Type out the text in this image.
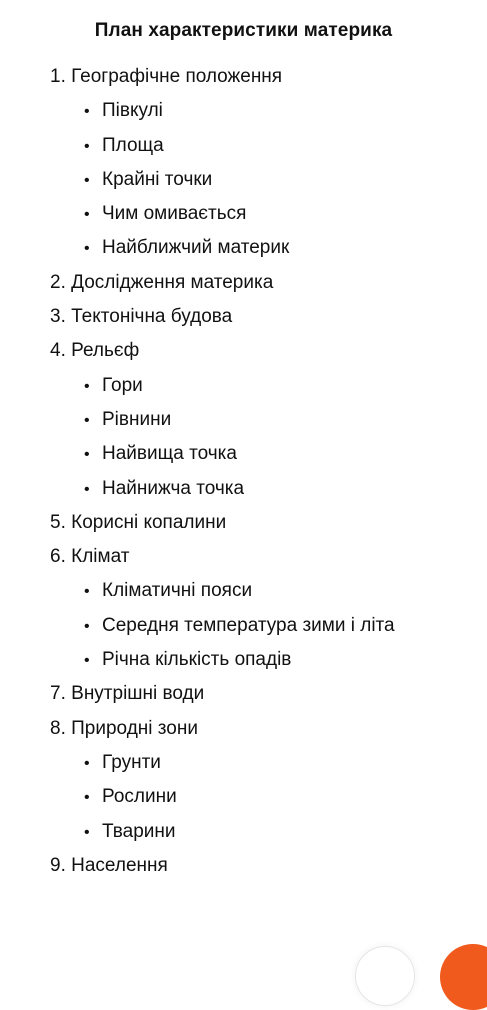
План характеристики материка
1. Географічне положення
• Півкулі
• Площа
• Крайні точки
• Чим омивається
• Найближчий материк
2. Дослідження материка
3. Тектонічна будова
4. Рельєф
• Гори
• Рівнини
• Найвища точка
• Найнижча точка
5. Корисні копалини
6. Клімат
• Кліматичні пояси
• Середня температура зими і літа
• Річна кількість опадів
7. Внутрішні води
8. Природні зони
• Грунти
• Рослини
• Тварини
9. Населення
